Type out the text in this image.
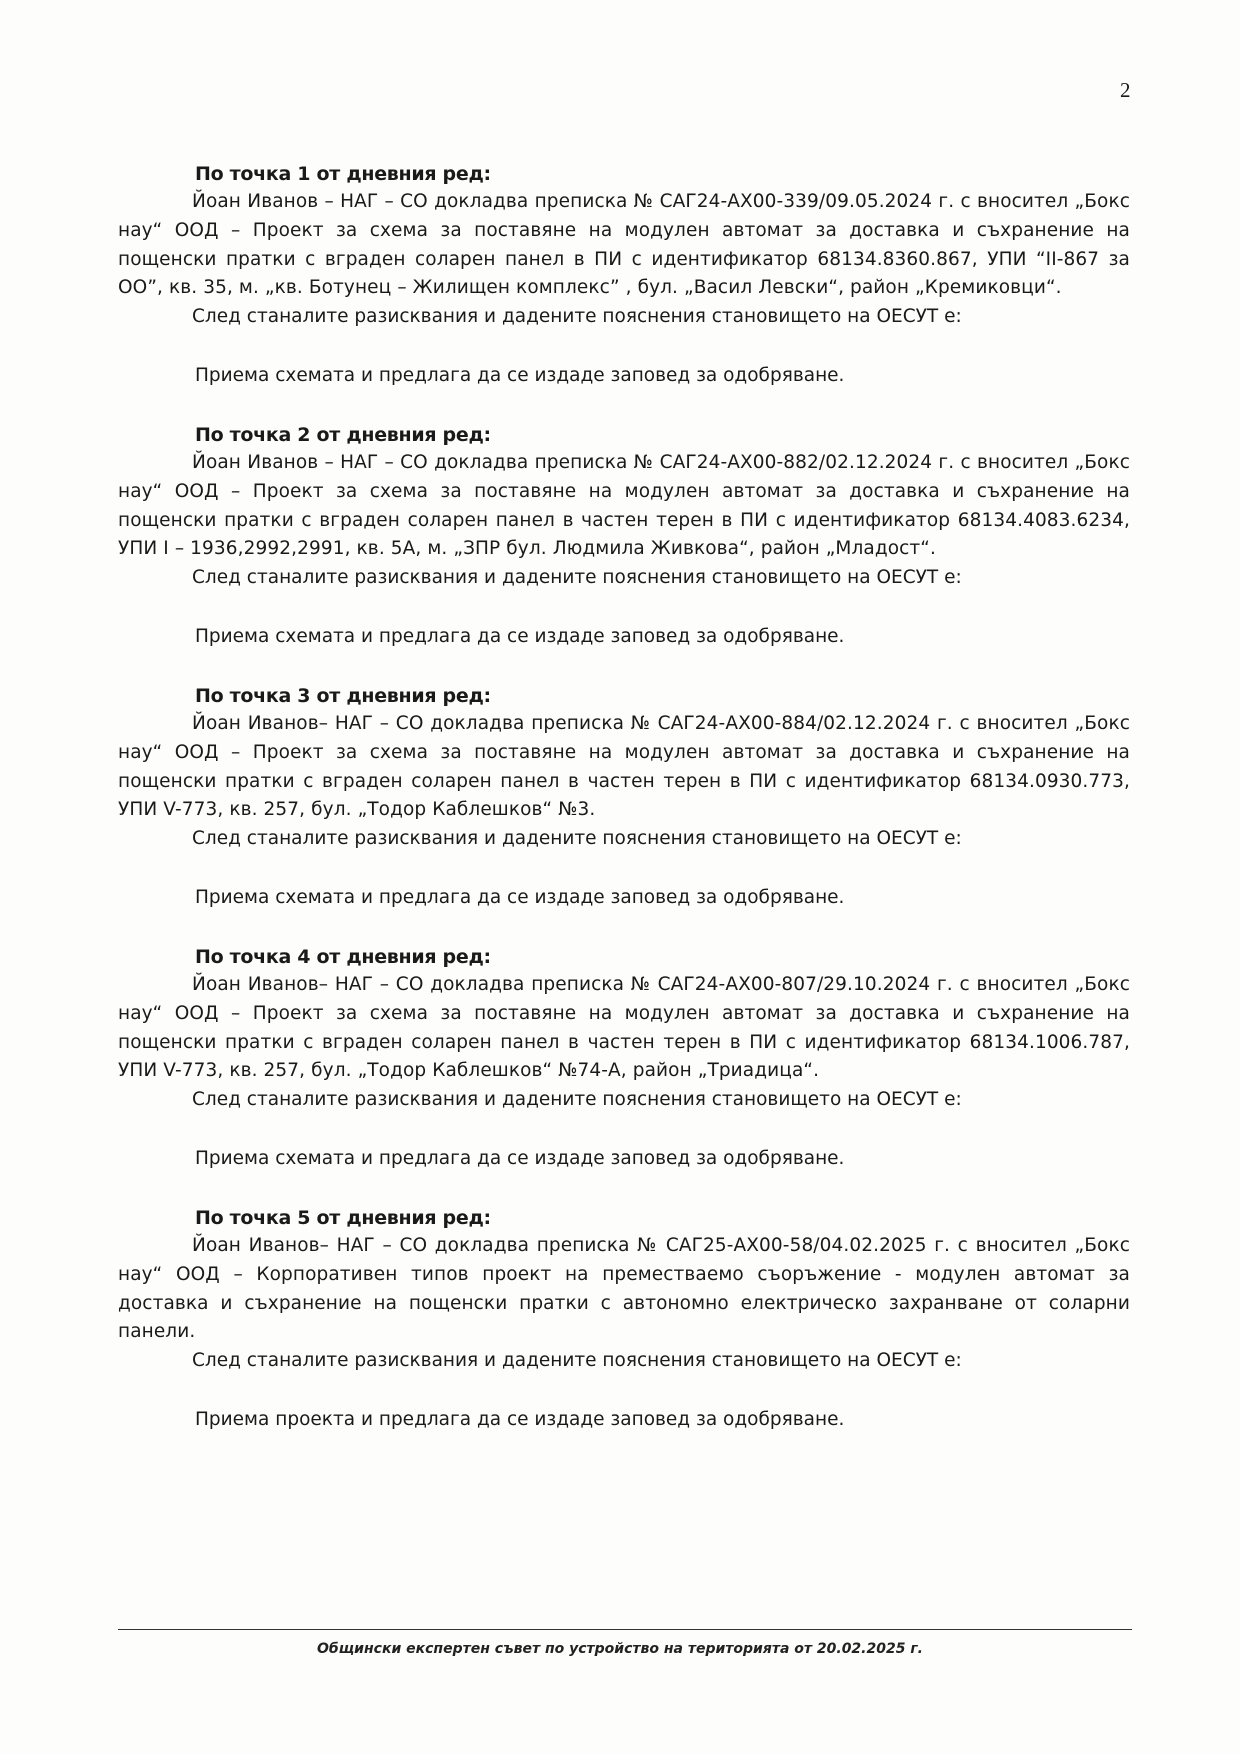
2
По точка 1 от дневния ред:
Йоан Иванов – НАГ – СО докладва преписка № САГ24-АХ00-339/09.05.2024 г. с вносител „Бокс нау“ ООД – Проект за схема за поставяне на модулен автомат за доставка и съхранение на пощенски пратки с вграден соларен панел в ПИ с идентификатор 68134.8360.867, УПИ “ІІ-867 за ОО”, кв. 35, м. „кв. Ботунец – Жилищен комплекс” , бул. „Васил Левски“, район „Кремиковци“.
След станалите разисквания и дадените пояснения становището на ОЕСУТ е:
Приема схемата и предлага да се издаде заповед за одобряване.
По точка 2 от дневния ред:
Йоан Иванов – НАГ – СО докладва преписка № САГ24-АХ00-882/02.12.2024 г. с вносител „Бокс нау“ ООД – Проект за схема за поставяне на модулен автомат за доставка и съхранение на пощенски пратки с вграден соларен панел в частен терен в ПИ с идентификатор 68134.4083.6234, УПИ І – 1936,2992,2991, кв. 5А, м. „ЗПР бул. Людмила Живкова“, район „Младост“.
След станалите разисквания и дадените пояснения становището на ОЕСУТ е:
Приема схемата и предлага да се издаде заповед за одобряване.
По точка 3 от дневния ред:
Йоан Иванов– НАГ – СО докладва преписка № САГ24-АХ00-884/02.12.2024 г. с вносител „Бокс нау“ ООД – Проект за схема за поставяне на модулен автомат за доставка и съхранение на пощенски пратки с вграден соларен панел в частен терен в ПИ с идентификатор 68134.0930.773, УПИ V-773, кв. 257, бул. „Тодор Каблешков“ №3.
След станалите разисквания и дадените пояснения становището на ОЕСУТ е:
Приема схемата и предлага да се издаде заповед за одобряване.
По точка 4 от дневния ред:
Йоан Иванов– НАГ – СО докладва преписка № САГ24-АХ00-807/29.10.2024 г. с вносител „Бокс нау“ ООД – Проект за схема за поставяне на модулен автомат за доставка и съхранение на пощенски пратки с вграден соларен панел в частен терен в ПИ с идентификатор 68134.1006.787, УПИ V-773, кв. 257, бул. „Тодор Каблешков“ №74-А, район „Триадица“.
След станалите разисквания и дадените пояснения становището на ОЕСУТ е:
Приема схемата и предлага да се издаде заповед за одобряване.
По точка 5 от дневния ред:
Йоан Иванов– НАГ – СО докладва преписка № САГ25-АХ00-58/04.02.2025 г. с вносител „Бокс нау“ ООД – Корпоративен типов проект на преместваемо съоръжение - модулен автомат за доставка и съхранение на пощенски пратки с автономно електрическо захранване от соларни панели.
След станалите разисквания и дадените пояснения становището на ОЕСУТ е:
Приема проекта и предлага да се издаде заповед за одобряване.
Общински експертен съвет по устройство на територията от 20.02.2025 г.
